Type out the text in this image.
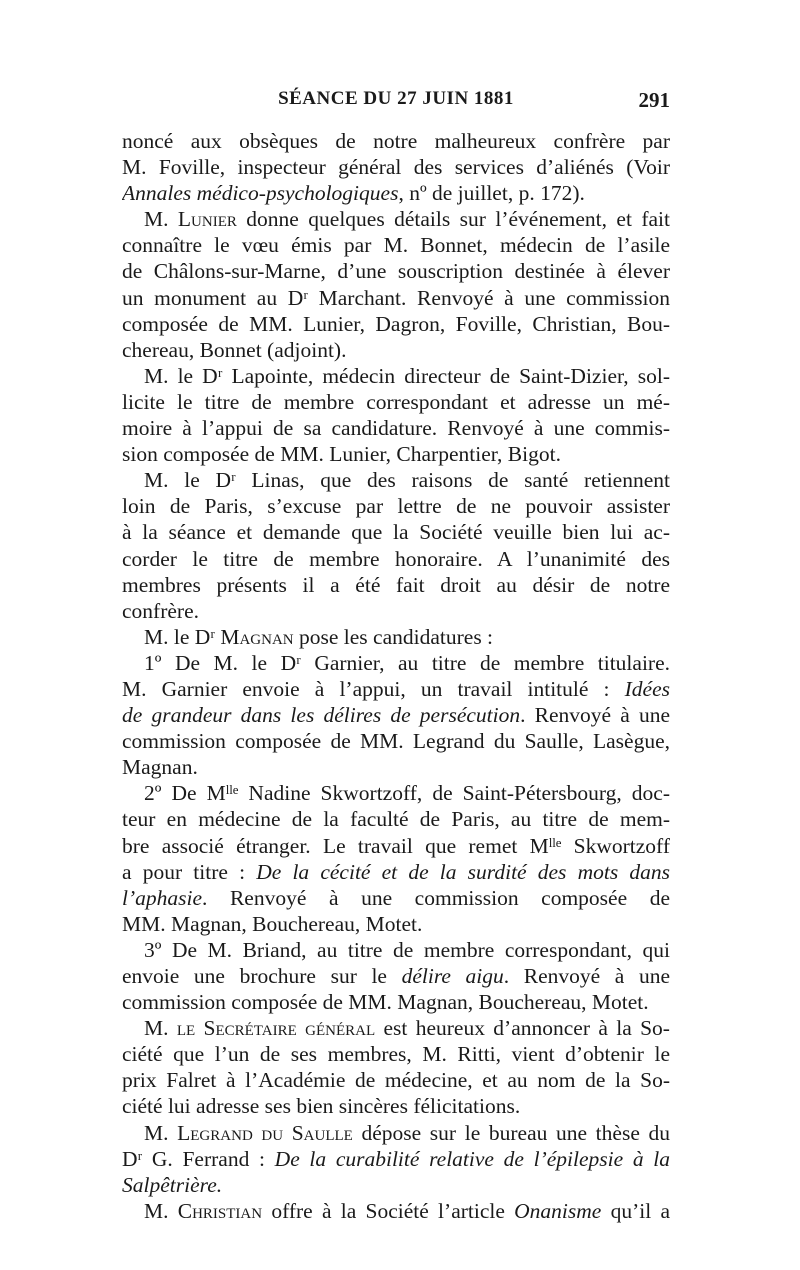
SÉANCE DU 27 JUIN 1881	291
noncé aux obsèques de notre malheureux confrère par
M. Foville, inspecteur général des services d’aliénés (Voir
Annales médico-psychologiques, nº de juillet, p. 172).
M. Lunier donne quelques détails sur l’événement, et fait
connaître le vœu émis par M. Bonnet, médecin de l’asile
de Châlons-sur-Marne, d’une souscription destinée à élever
un monument au Dʳ Marchant. Renvoyé à une commission
composée de MM. Lunier, Dagron, Foville, Christian, Bou-
chereau, Bonnet (adjoint).
M. le Dʳ Lapointe, médecin directeur de Saint-Dizier, sol-
licite le titre de membre correspondant et adresse un mé-
moire à l’appui de sa candidature. Renvoyé à une commis-
sion composée de MM. Lunier, Charpentier, Bigot.
M. le Dʳ Linas, que des raisons de santé retiennent
loin de Paris, s’excuse par lettre de ne pouvoir assister
à la séance et demande que la Société veuille bien lui ac-
corder le titre de membre honoraire. A l’unanimité des
membres présents il a été fait droit au désir de notre
confrère.
M. le Dʳ Magnan pose les candidatures :
1º De M. le Dʳ Garnier, au titre de membre titulaire.
M. Garnier envoie à l’appui, un travail intitulé : Idées
de grandeur dans les délires de persécution. Renvoyé à une
commission composée de MM. Legrand du Saulle, Lasègue,
Magnan.
2º De Mˡˡᵉ Nadine Skwortzoff, de Saint-Pétersbourg, doc-
teur en médecine de la faculté de Paris, au titre de mem-
bre associé étranger. Le travail que remet Mˡˡᵉ Skwortzoff
a pour titre : De la cécité et de la surdité des mots dans
l’aphasie. Renvoyé à une commission composée de
MM. Magnan, Bouchereau, Motet.
3º De M. Briand, au titre de membre correspondant, qui
envoie une brochure sur le délire aigu. Renvoyé à une
commission composée de MM. Magnan, Bouchereau, Motet.
M. le Secrétaire général est heureux d’annoncer à la So-
ciété que l’un de ses membres, M. Ritti, vient d’obtenir le
prix Falret à l’Académie de médecine, et au nom de la So-
ciété lui adresse ses bien sincères félicitations.
M. Legrand du Saulle dépose sur le bureau une thèse du
Dʳ G. Ferrand : De la curabilité relative de l’épilepsie à la
Salpêtrière.
M. Christian offre à la Société l’article Onanisme qu’il a
